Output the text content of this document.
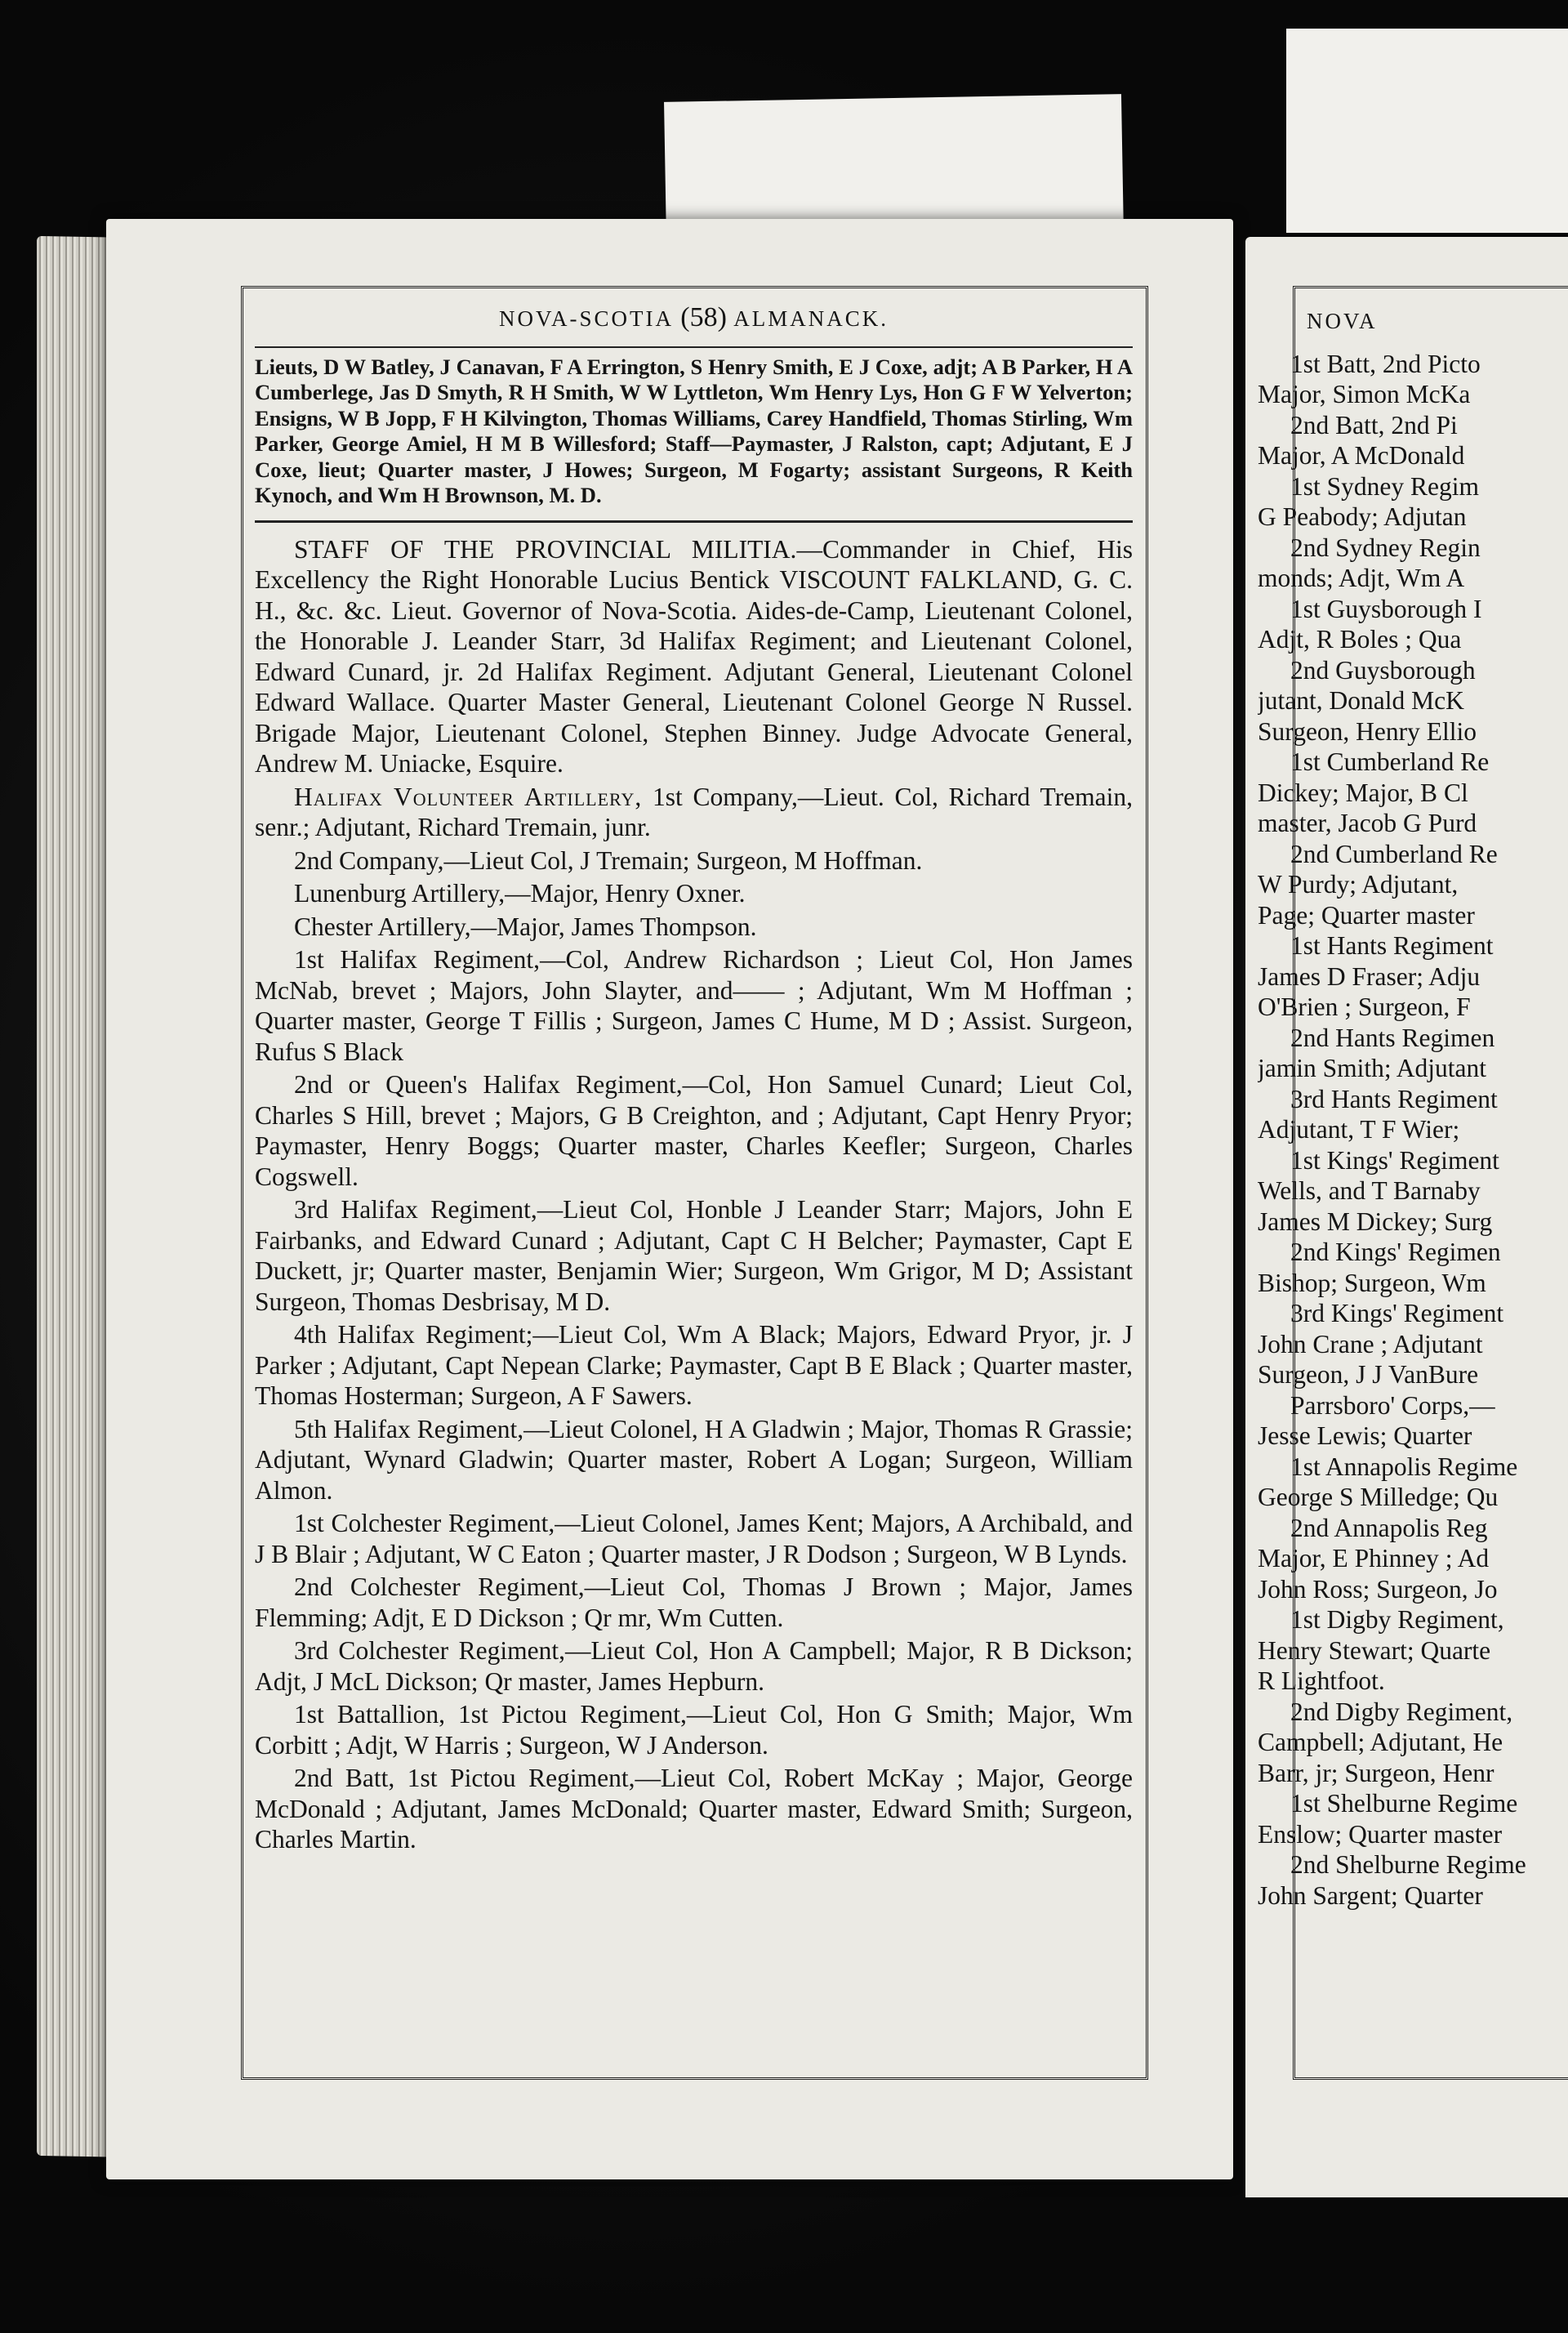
NOVA-SCOTIA (58) ALMANACK.

Lieuts, D W Batley, J Canavan, F A Errington, S Henry Smith, E J Coxe, adjt; A B Parker, H A Cumberlege, Jas D Smyth, R H Smith, W W Lyttleton, Wm Henry Lys, Hon G F W Yelverton; Ensigns, W B Jopp, F H Kilvington, Thomas Williams, Carey Handfield, Thomas Stirling, Wm Parker, George Amiel, H M B Willesford; Staff—Paymaster, J Ralston, capt; Adjutant, E J Coxe, lieut; Quarter master, J Howes; Surgeon, M Fogarty; assistant Surgeons, R Keith Kynoch, and Wm H Brownson, M. D.

STAFF OF THE PROVINCIAL MILITIA.—Commander in Chief, His Excellency the Right Honorable Lucius Bentick VISCOUNT FALKLAND, G. C. H., &c. &c. Lieut. Governor of Nova-Scotia. Aides-de-Camp, Lieutenant Colonel, the Honorable J. Leander Starr, 3d Halifax Regiment; and Lieutenant Colonel, Edward Cunard, jr. 2d Halifax Regiment. Adjutant General, Lieutenant Colonel Edward Wallace. Quarter Master General, Lieutenant Colonel George N Russel. Brigade Major, Lieutenant Colonel, Stephen Binney. Judge Advocate General, Andrew M. Uniacke, Esquire.

Halifax Volunteer Artillery, 1st Company,—Lieut. Col, Richard Tremain, senr.; Adjutant, Richard Tremain, junr.

2nd Company,—Lieut Col, J Tremain; Surgeon, M Hoffman.

Lunenburg Artillery,—Major, Henry Oxner.

Chester Artillery,—Major, James Thompson.

1st Halifax Regiment,—Col, Andrew Richardson ; Lieut Col, Hon James McNab, brevet ; Majors, John Slayter, and—— ; Adjutant, Wm M Hoffman ; Quarter master, George T Fillis ; Surgeon, James C Hume, M D ; Assist. Surgeon, Rufus S Black

2nd or Queen's Halifax Regiment,—Col, Hon Samuel Cunard; Lieut Col, Charles S Hill, brevet ; Majors, G B Creighton, and ; Adjutant, Capt Henry Pryor; Paymaster, Henry Boggs; Quarter master, Charles Keefler; Surgeon, Charles Cogswell.

3rd Halifax Regiment,—Lieut Col, Honble J Leander Starr; Majors, John E Fairbanks, and Edward Cunard ; Adjutant, Capt C H Belcher; Paymaster, Capt E Duckett, jr; Quarter master, Benjamin Wier; Surgeon, Wm Grigor, M D; Assistant Surgeon, Thomas Desbrisay, M D.

4th Halifax Regiment;—Lieut Col, Wm A Black; Majors, Edward Pryor, jr. J Parker ; Adjutant, Capt Nepean Clarke; Paymaster, Capt B E Black ; Quarter master, Thomas Hosterman; Surgeon, A F Sawers.

5th Halifax Regiment,—Lieut Colonel, H A Gladwin ; Major, Thomas R Grassie; Adjutant, Wynard Gladwin; Quarter master, Robert A Logan; Surgeon, William Almon.

1st Colchester Regiment,—Lieut Colonel, James Kent; Majors, A Archibald, and J B Blair ; Adjutant, W C Eaton ; Quarter master, J R Dodson ; Surgeon, W B Lynds.

2nd Colchester Regiment,—Lieut Col, Thomas J Brown ; Major, James Flemming; Adjt, E D Dickson ; Qr mr, Wm Cutten.

3rd Colchester Regiment,—Lieut Col, Hon A Campbell; Major, R B Dickson; Adjt, J McL Dickson; Qr master, James Hepburn.

1st Battallion, 1st Pictou Regiment,—Lieut Col, Hon G Smith; Major, Wm Corbitt ; Adjt, W Harris ; Surgeon, W J Anderson.

2nd Batt, 1st Pictou Regiment,—Lieut Col, Robert McKay ; Major, George McDonald ; Adjutant, James McDonald; Quarter master, Edward Smith; Surgeon, Charles Martin.

NOVA
1st Batt, 2nd Picto
Major, Simon McKa
2nd Batt, 2nd Pi
Major, A McDonald
1st Sydney Regim
G Peabody; Adjutan
2nd Sydney Regin
monds; Adjt, Wm A
1st Guysborough I
Adjt, R Boles ; Qua
2nd Guysborough
jutant, Donald McK
Surgeon, Henry Ellio
1st Cumberland Re
Dickey; Major, B Cl
master, Jacob G Purd
2nd Cumberland Re
W Purdy; Adjutant,
Page; Quarter master
1st Hants Regiment
James D Fraser; Adju
O'Brien ; Surgeon, F
2nd Hants Regimen
jamin Smith; Adjutant
3rd Hants Regiment
Adjutant, T F Wier;
1st Kings' Regiment
Wells, and T Barnaby
James M Dickey; Surg
2nd Kings' Regimen
Bishop; Surgeon, Wm
3rd Kings' Regiment
John Crane ; Adjutant
Surgeon, J J VanBure
Parrsboro' Corps,—
Jesse Lewis; Quarter
1st Annapolis Regime
George S Milledge; Qu
2nd Annapolis Reg
Major, E Phinney ; Ad
John Ross; Surgeon, Jo
1st Digby Regiment,
Henry Stewart; Quarte
R Lightfoot.
2nd Digby Regiment,
Campbell; Adjutant, He
Barr, jr; Surgeon, Henr
1st Shelburne Regime
Enslow; Quarter master
2nd Shelburne Regime
John Sargent; Quarter
